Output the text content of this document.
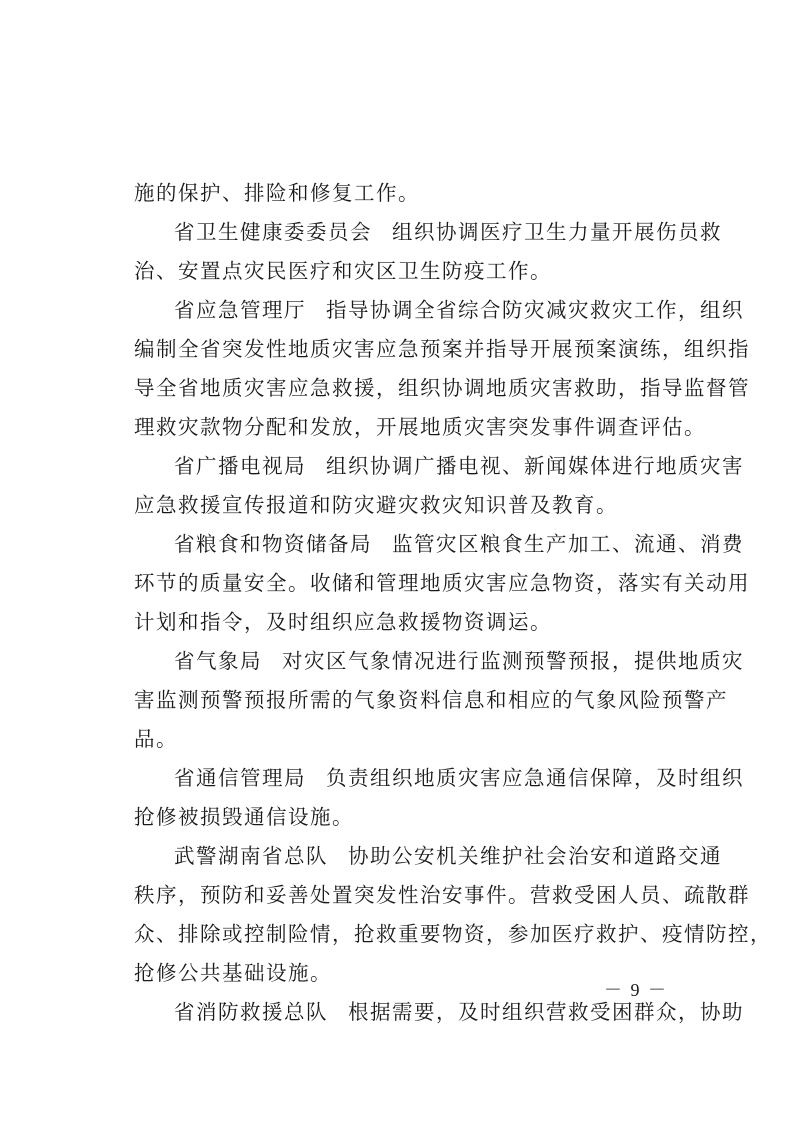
施的保护、排险和修复工作。
省卫生健康委委员会 组织协调医疗卫生力量开展伤员救
治、安置点灾民医疗和灾区卫生防疫工作。
省应急管理厅 指导协调全省综合防灾减灾救灾工作，组织
编制全省突发性地质灾害应急预案并指导开展预案演练，组织指
导全省地质灾害应急救援，组织协调地质灾害救助，指导监督管
理救灾款物分配和发放，开展地质灾害突发事件调查评估。
省广播电视局 组织协调广播电视、新闻媒体进行地质灾害
应急救援宣传报道和防灾避灾救灾知识普及教育。
省粮食和物资储备局 监管灾区粮食生产加工、流通、消费
环节的质量安全。收储和管理地质灾害应急物资，落实有关动用
计划和指令，及时组织应急救援物资调运。
省气象局 对灾区气象情况进行监测预警预报，提供地质灾
害监测预警预报所需的气象资料信息和相应的气象风险预警产
品。
省通信管理局 负责组织地质灾害应急通信保障，及时组织
抢修被损毁通信设施。
武警湖南省总队 协助公安机关维护社会治安和道路交通
秩序，预防和妥善处置突发性治安事件。营救受困人员、疏散群
众、排除或控制险情，抢救重要物资，参加医疗救护、疫情防控，
抢修公共基础设施。
省消防救援总队 根据需要，及时组织营救受困群众，协助
－ 9 －
